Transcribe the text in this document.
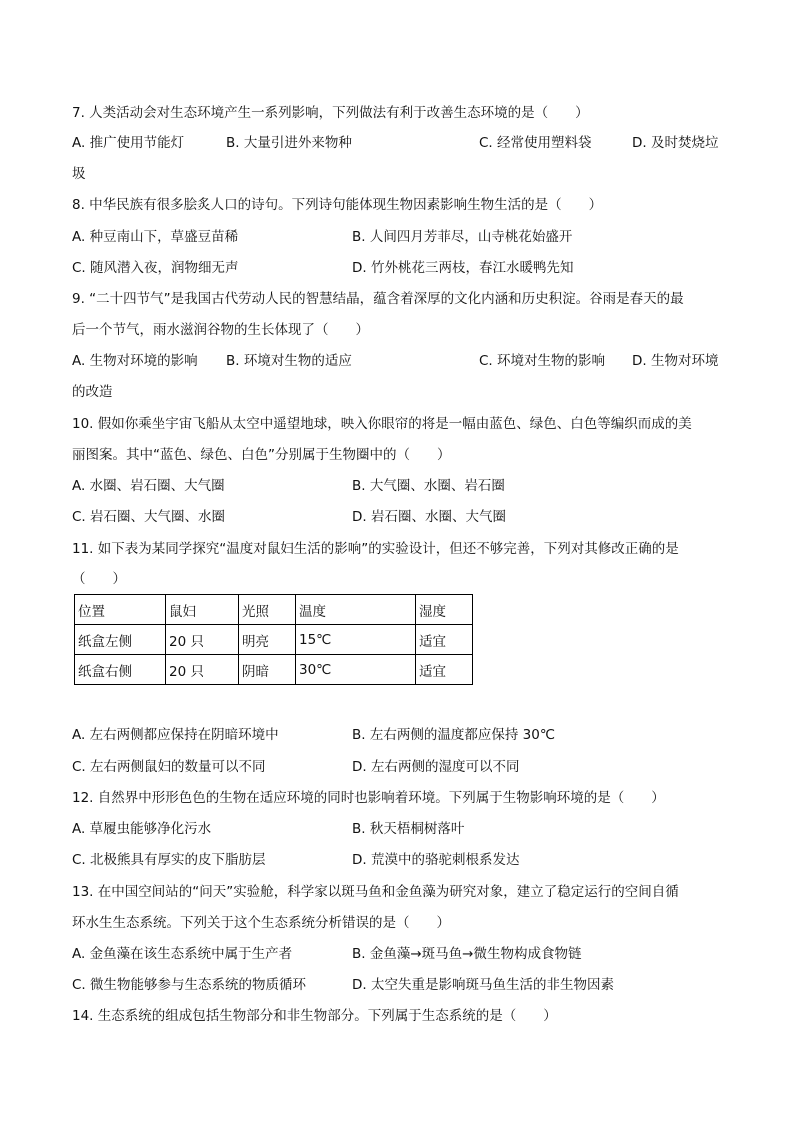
7. 人类活动会对生态环境产生一系列影响，下列做法有利于改善生态环境的是（　　）
A. 推广使用节能灯	B. 大量引进外来物种	C. 经常使用塑料袋	D. 及时焚烧垃
圾
8. 中华民族有很多脍炙人口的诗句。下列诗句能体现生物因素影响生物生活的是（　　）
A. 种豆南山下，草盛豆苗稀	B. 人间四月芳菲尽，山寺桃花始盛开
C. 随风潜入夜，润物细无声	D. 竹外桃花三两枝，春江水暖鸭先知
9. “二十四节气”是我国古代劳动人民的智慧结晶，蕴含着深厚的文化内涵和历史积淀。谷雨是春天的最
后一个节气，雨水滋润谷物的生长体现了（　　）
A. 生物对环境的影响 B. 环境对生物的适应	C. 环境对生物的影响 D. 生物对环境
的改造
10. 假如你乘坐宇宙飞船从太空中遥望地球，映入你眼帘的将是一幅由蓝色、绿色、白色等编织而成的美
丽图案。其中“蓝色、绿色、白色”分别属于生物圈中的（　　）
A. 水圈、岩石圈、大气圈	B. 大气圈、水圈、岩石圈
C. 岩石圈、大气圈、水圈	D. 岩石圈、水圈、大气圈
11. 如下表为某同学探究“温度对鼠妇生活的影响”的实验设计，但还不够完善，下列对其修改正确的是
（　　）
位置	鼠妇	光照	温度	湿度
纸盒左侧	20 只	明亮	15℃	适宜
纸盒右侧	20 只	阴暗	30℃	适宜
A. 左右两侧都应保持在阴暗环境中	B. 左右两侧的温度都应保持 30℃
C. 左右两侧鼠妇的数量可以不同	D. 左右两侧的湿度可以不同
12. 自然界中形形色色的生物在适应环境的同时也影响着环境。下列属于生物影响环境的是（　　）
A. 草履虫能够净化污水	B. 秋天梧桐树落叶
C. 北极熊具有厚实的皮下脂肪层	D. 荒漠中的骆驼刺根系发达
13. 在中国空间站的“问天”实验舱，科学家以斑马鱼和金鱼藻为研究对象，建立了稳定运行的空间自循
环水生生态系统。下列关于这个生态系统分析错误的是（　　）
A. 金鱼藻在该生态系统中属于生产者	B. 金鱼藻→斑马鱼→微生物构成食物链
C. 微生物能够参与生态系统的物质循环	D. 太空失重是影响斑马鱼生活的非生物因素
14. 生态系统的组成包括生物部分和非生物部分。下列属于生态系统的是（　　）
